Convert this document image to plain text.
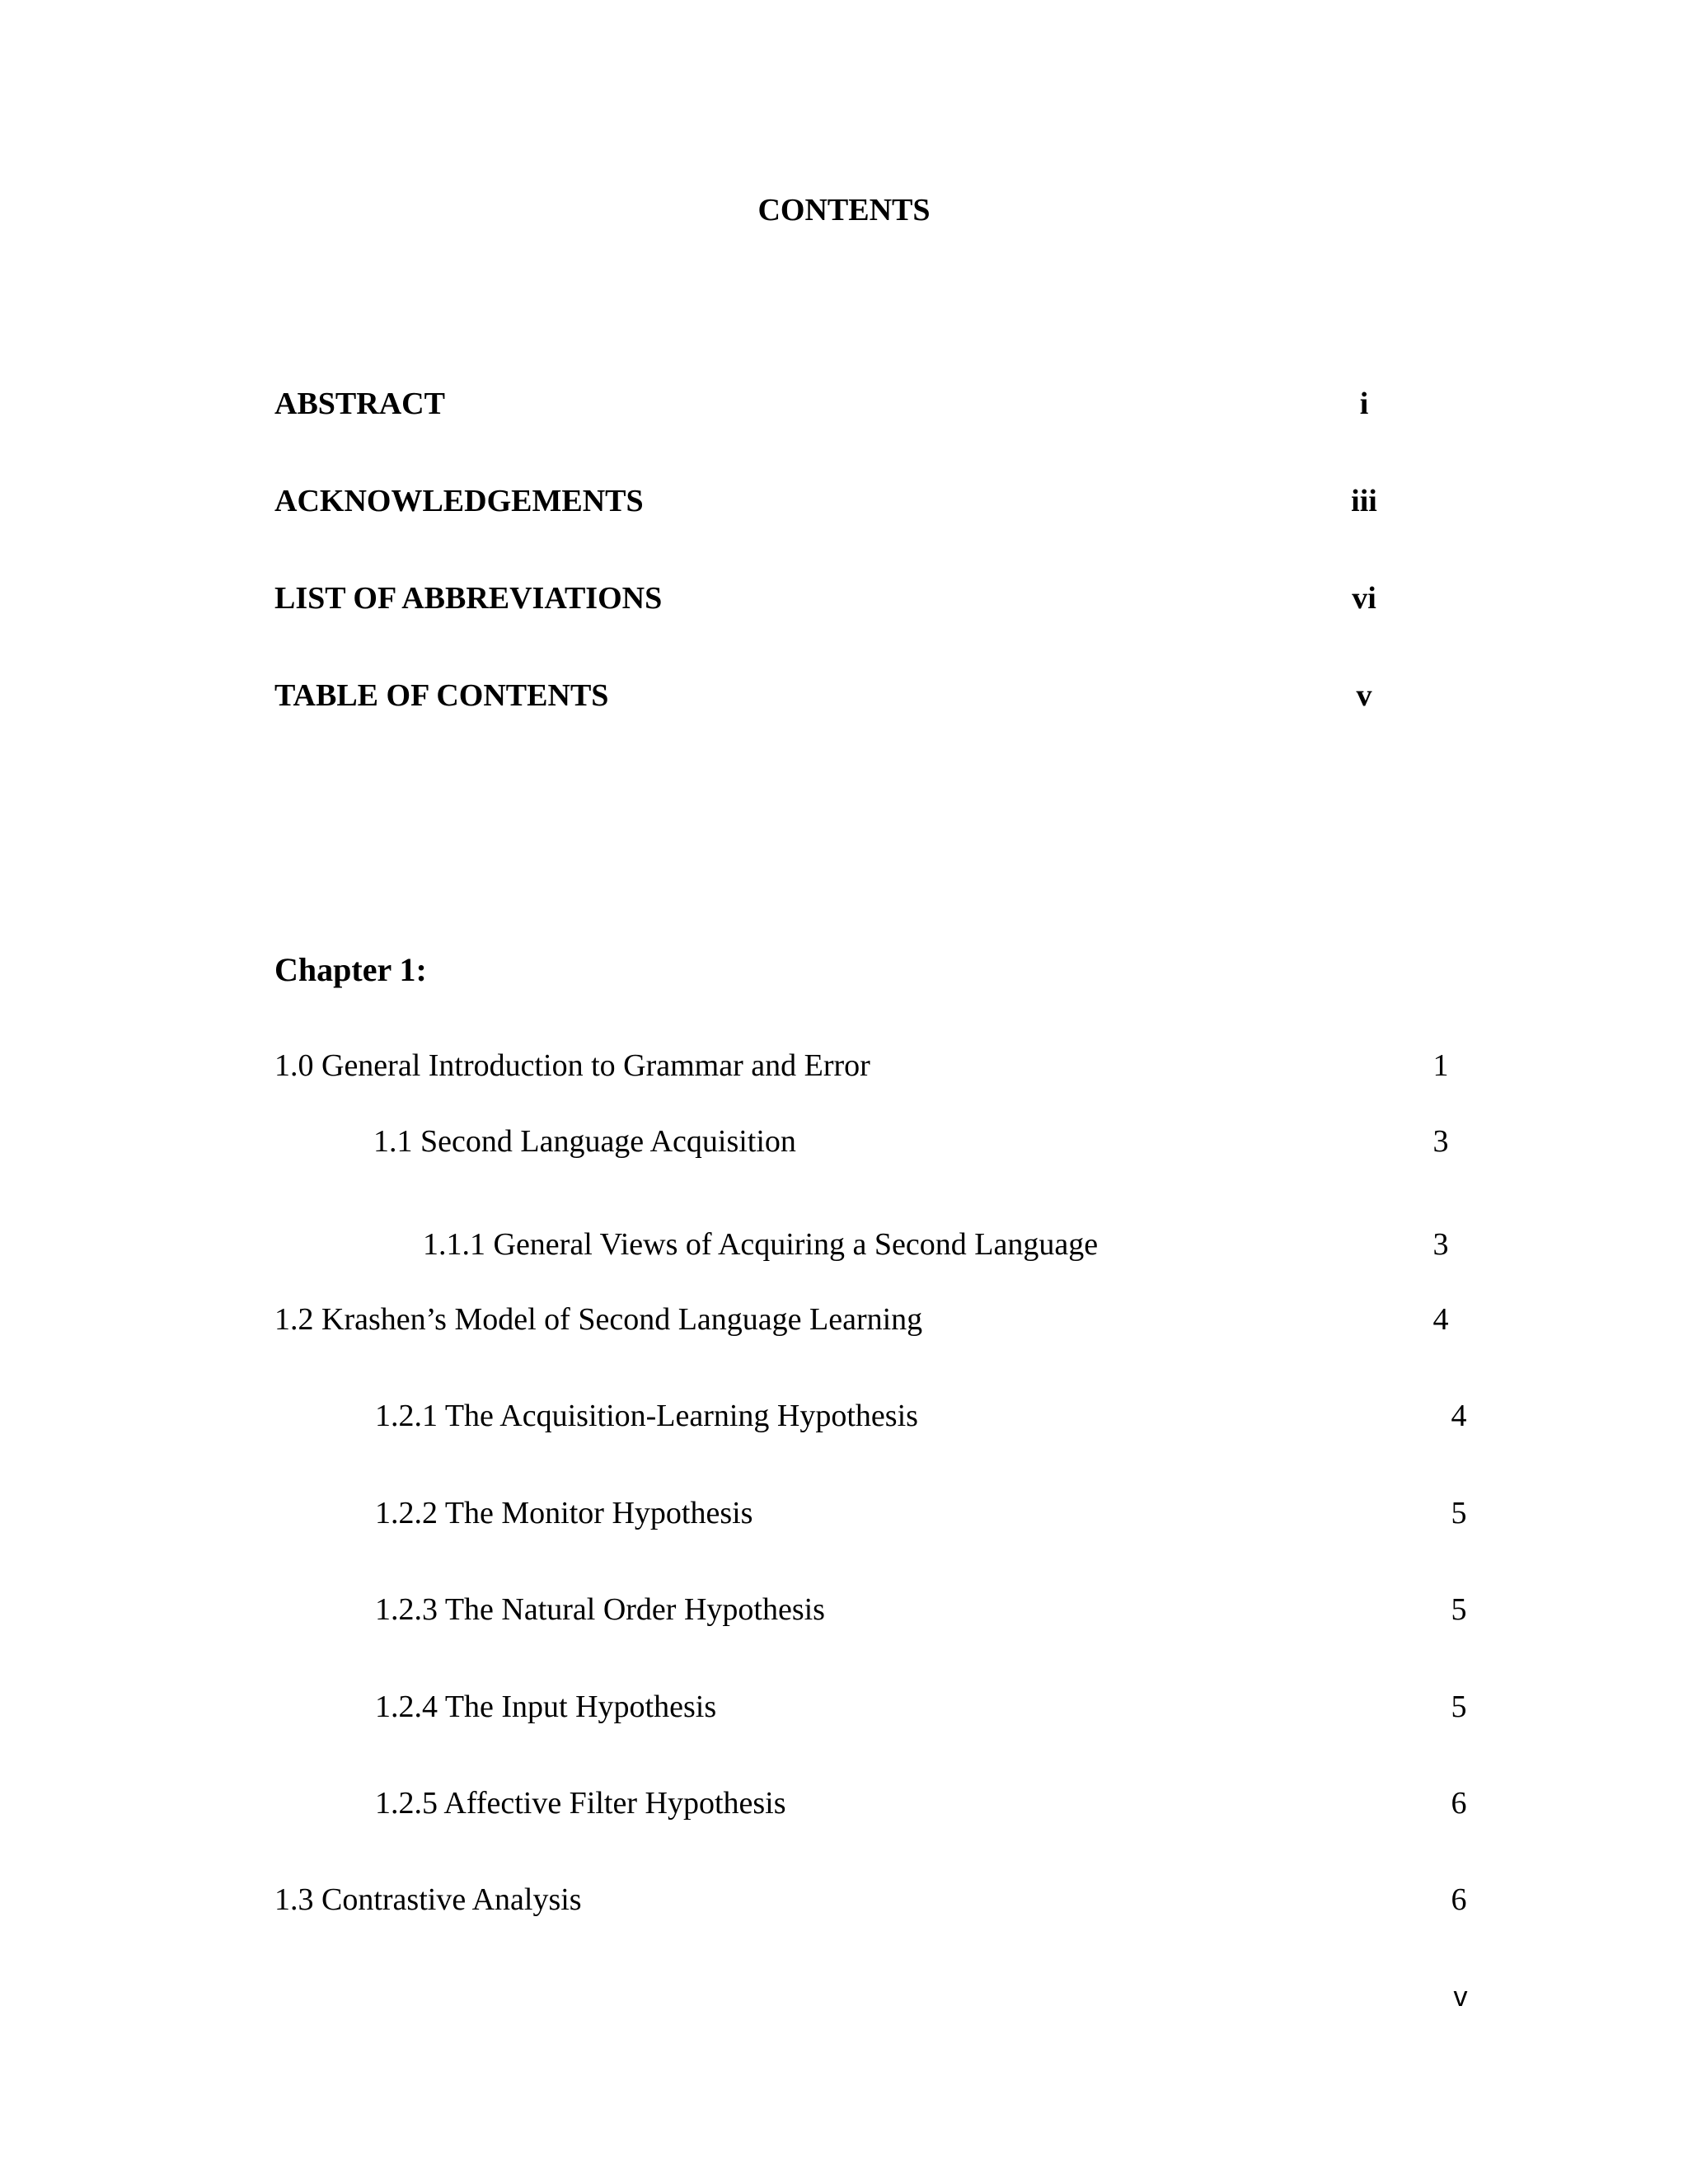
CONTENTS
ABSTRACT	i
ACKNOWLEDGEMENTS	iii
LIST OF ABBREVIATIONS	vi
TABLE OF CONTENTS	v
Chapter 1:
1.0 General Introduction to Grammar and Error	1
1.1 Second Language Acquisition	3
1.1.1 General Views of Acquiring a Second Language	3
1.2 Krashen’s Model of Second Language Learning	4
1.2.1 The Acquisition-Learning Hypothesis	4
1.2.2 The Monitor Hypothesis	5
1.2.3 The Natural Order Hypothesis	5
1.2.4 The Input Hypothesis	5
1.2.5 Affective Filter Hypothesis	6
1.3 Contrastive Analysis	6
v
